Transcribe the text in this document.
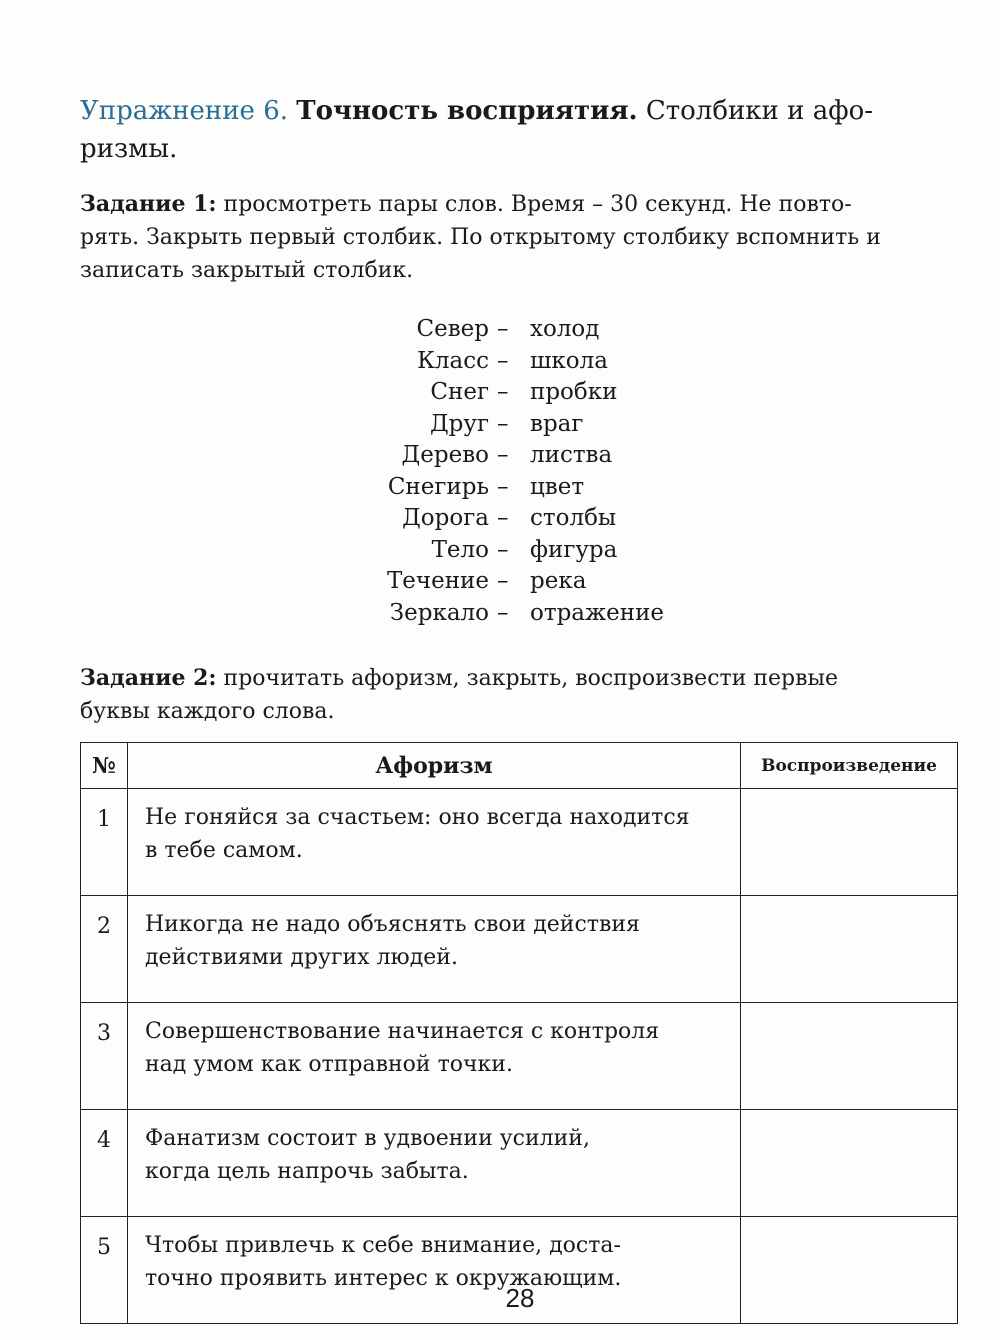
Упражнение 6. Точность восприятия. Столбики и афо-
ризмы.

Задание 1: просмотреть пары слов. Время – 30 секунд. Не повто-
рять. Закрыть первый столбик. По открытому столбику вспомнить и
записать закрытый столбик.

Север – холод
Класс – школа
Снег – пробки
Друг – враг
Дерево – листва
Снегирь – цвет
Дорога – столбы
Тело – фигура
Течение – река
Зеркало – отражение

Задание 2: прочитать афоризм, закрыть, воспроизвести первые
буквы каждого слова.

№	Афоризм	Воспроизведение
1	Не гоняйся за счастьем: оно всегда находится
в тебе самом.	
2	Никогда не надо объяснять свои действия
действиями других людей.	
3	Совершенствование начинается с контроля
над умом как отправной точки.	
4	Фанатизм состоит в удвоении усилий,
когда цель напрочь забыта.	
5	Чтобы привлечь к себе внимание, доста-
точно проявить интерес к окружающим.	
28
